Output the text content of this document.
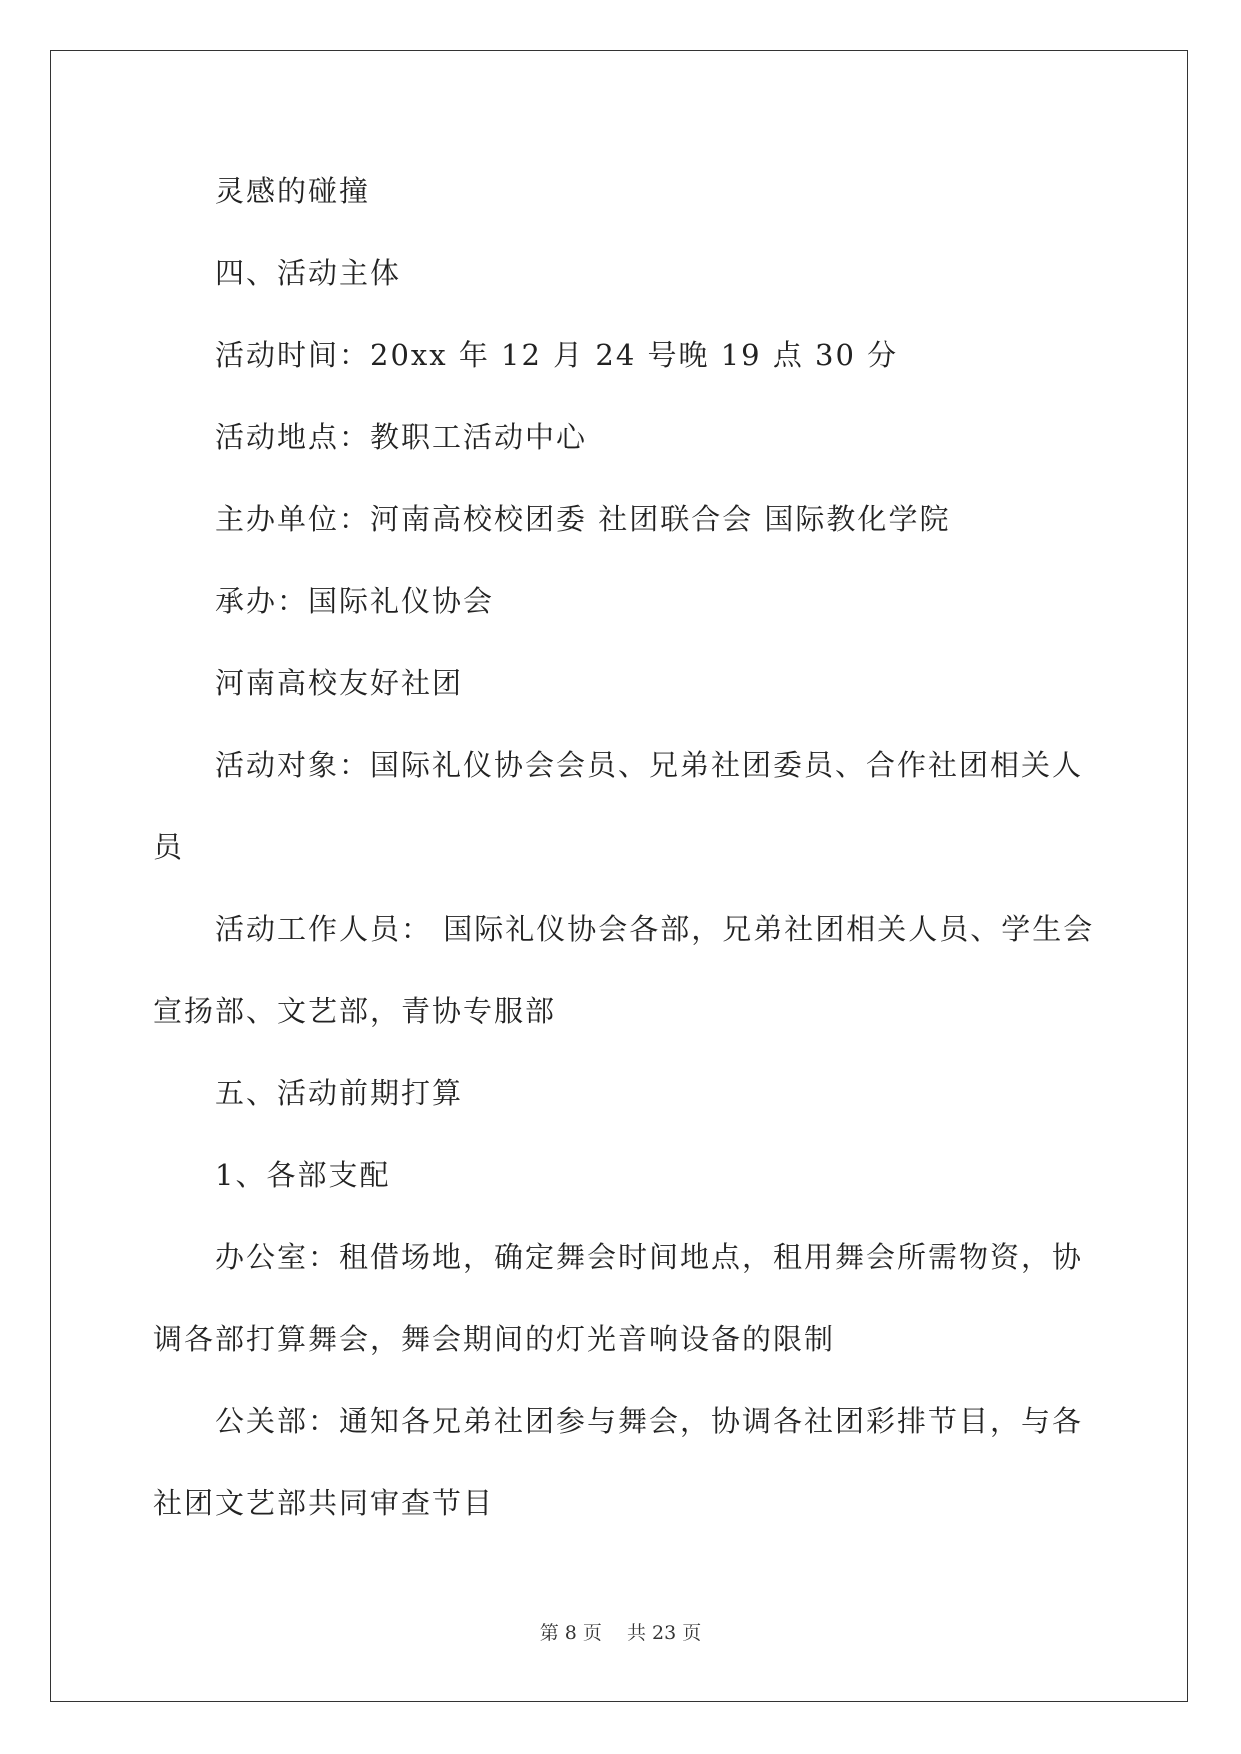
灵感的碰撞

四、活动主体

活动时间：20xx 年 12 月 24 号晚 19 点 30 分

活动地点：教职工活动中心

主办单位：河南高校校团委 社团联合会 国际教化学院

承办：国际礼仪协会

河南高校友好社团

活动对象：国际礼仪协会会员、兄弟社团委员、合作社团相关人

员

活动工作人员： 国际礼仪协会各部，兄弟社团相关人员、学生会

宣扬部、文艺部，青协专服部

五、活动前期打算

1、各部支配

办公室：租借场地，确定舞会时间地点，租用舞会所需物资，协

调各部打算舞会，舞会期间的灯光音响设备的限制

公关部：通知各兄弟社团参与舞会，协调各社团彩排节目，与各

社团文艺部共同审查节目

第 8 页　 共 23 页
